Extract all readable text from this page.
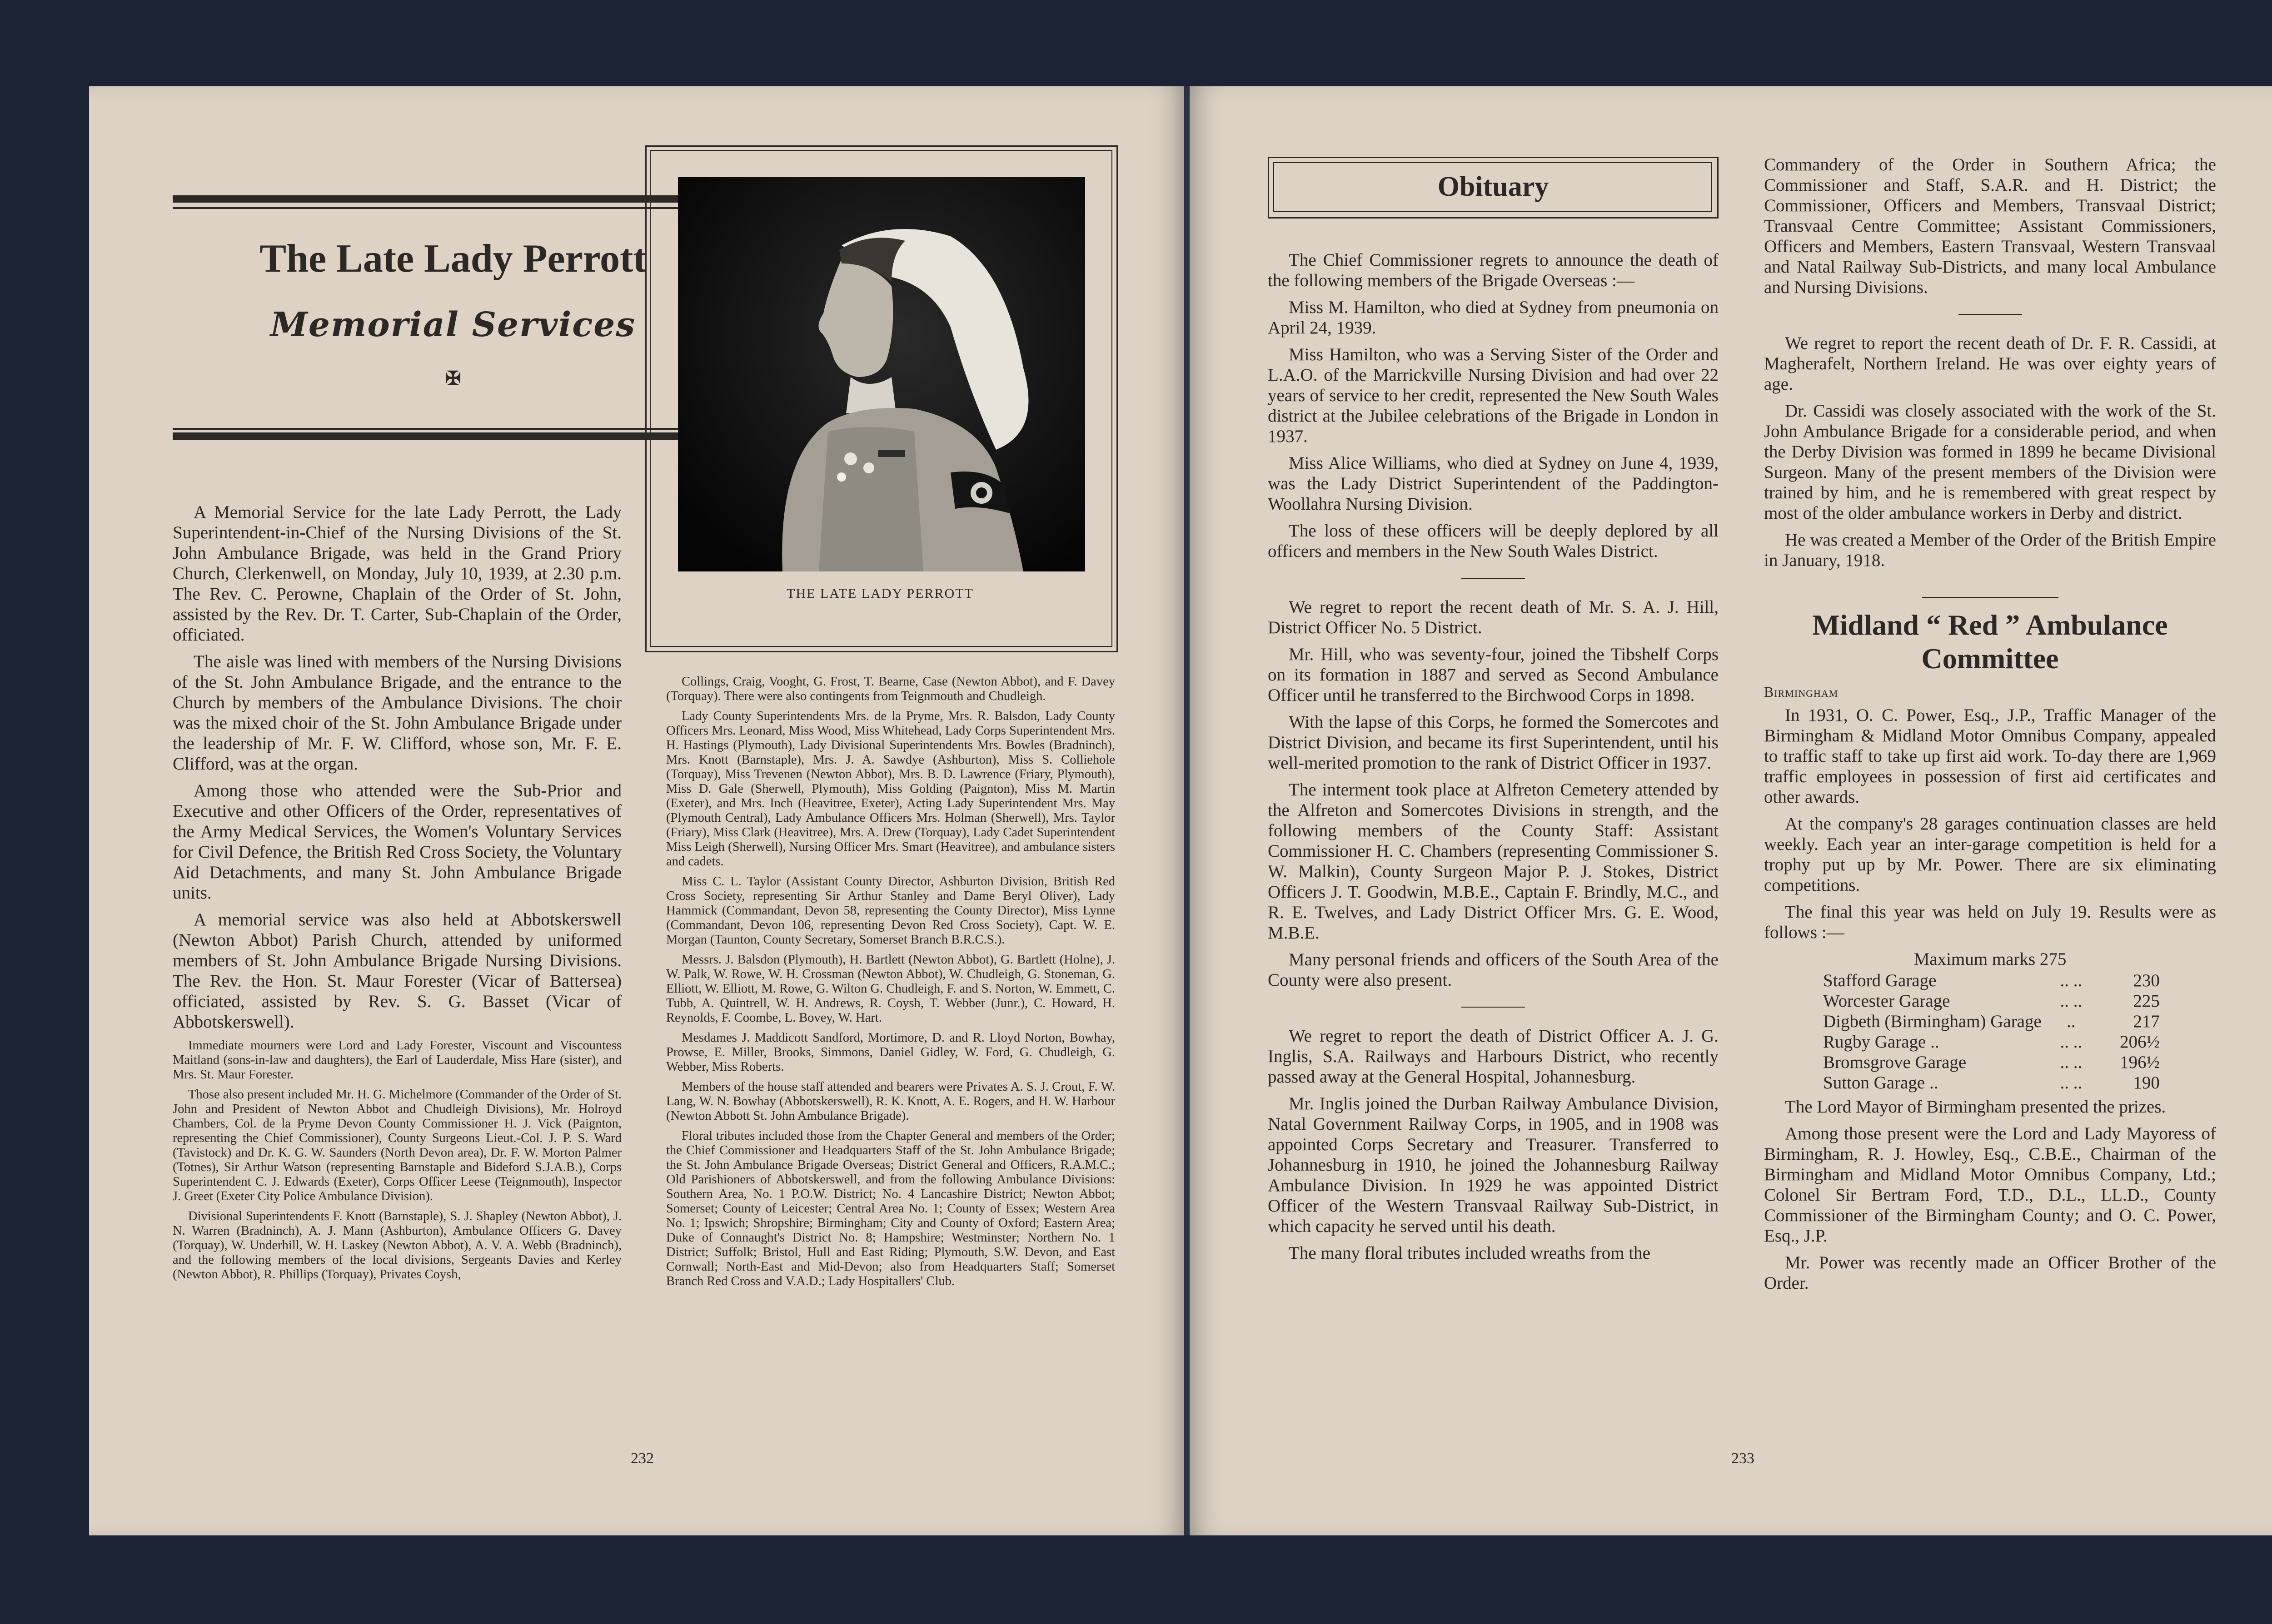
The Late Lady Perrott
Memorial Services
✠
THE LATE LADY PERROTT

A Memorial Service for the late Lady Perrott, the Lady Superintendent-in-Chief of the Nursing Divisions of the St. John Ambulance Brigade, was held in the Grand Priory Church, Clerkenwell, on Monday, July 10, 1939, at 2.30 p.m. The Rev. C. Perowne, Chaplain of the Order of St. John, assisted by the Rev. Dr. T. Carter, Sub-Chaplain of the Order, officiated.

The aisle was lined with members of the Nursing Divisions of the St. John Ambulance Brigade, and the entrance to the Church by members of the Ambulance Divisions. The choir was the mixed choir of the St. John Ambulance Brigade under the leadership of Mr. F. W. Clifford, whose son, Mr. F. E. Clifford, was at the organ.

Among those who attended were the Sub-Prior and Executive and other Officers of the Order, representatives of the Army Medical Services, the Women's Voluntary Services for Civil Defence, the British Red Cross Society, the Voluntary Aid Detachments, and many St. John Ambulance Brigade units.

A memorial service was also held at Abbotskerswell (Newton Abbot) Parish Church, attended by uniformed members of St. John Ambulance Brigade Nursing Divisions. The Rev. the Hon. St. Maur Forester (Vicar of Battersea) officiated, assisted by Rev. S. G. Basset (Vicar of Abbotskerswell).

Immediate mourners were Lord and Lady Forester, Viscount and Viscountess Maitland (sons-in-law and daughters), the Earl of Lauderdale, Miss Hare (sister), and Mrs. St. Maur Forester.

Those also present included Mr. H. G. Michelmore (Commander of the Order of St. John and President of Newton Abbot and Chudleigh Divisions), Mr. Holroyd Chambers, Col. de la Pryme Devon County Commissioner H. J. Vick (Paignton, representing the Chief Commissioner), County Surgeons Lieut.-Col. J. P. S. Ward (Tavistock) and Dr. K. G. W. Saunders (North Devon area), Dr. F. W. Morton Palmer (Totnes), Sir Arthur Watson (representing Barnstaple and Bideford S.J.A.B.), Corps Superintendent C. J. Edwards (Exeter), Corps Officer Leese (Teignmouth), Inspector J. Greet (Exeter City Police Ambulance Division).

Divisional Superintendents F. Knott (Barnstaple), S. J. Shapley (Newton Abbot), J. N. Warren (Bradninch), A. J. Mann (Ashburton), Ambulance Officers G. Davey (Torquay), W. Underhill, W. H. Laskey (Newton Abbot), A. V. A. Webb (Bradninch), and the following members of the local divisions, Sergeants Davies and Kerley (Newton Abbot), R. Phillips (Torquay), Privates Coysh,

Collings, Craig, Vooght, G. Frost, T. Bearne, Case (Newton Abbot), and F. Davey (Torquay). There were also contingents from Teignmouth and Chudleigh.

Lady County Superintendents Mrs. de la Pryme, Mrs. R. Balsdon, Lady County Officers Mrs. Leonard, Miss Wood, Miss Whitehead, Lady Corps Superintendent Mrs. H. Hastings (Plymouth), Lady Divisional Superintendents Mrs. Bowles (Bradninch), Mrs. Knott (Barnstaple), Mrs. J. A. Sawdye (Ashburton), Miss S. Colliehole (Torquay), Miss Trevenen (Newton Abbot), Mrs. B. D. Lawrence (Friary, Plymouth), Miss D. Gale (Sherwell, Plymouth), Miss Golding (Paignton), Miss M. Martin (Exeter), and Mrs. Inch (Heavitree, Exeter), Acting Lady Superintendent Mrs. May (Plymouth Central), Lady Ambulance Officers Mrs. Holman (Sherwell), Mrs. Taylor (Friary), Miss Clark (Heavitree), Mrs. A. Drew (Torquay), Lady Cadet Superintendent Miss Leigh (Sherwell), Nursing Officer Mrs. Smart (Heavitree), and ambulance sisters and cadets.

Miss C. L. Taylor (Assistant County Director, Ashburton Division, British Red Cross Society, representing Sir Arthur Stanley and Dame Beryl Oliver), Lady Hammick (Commandant, Devon 58, representing the County Director), Miss Lynne (Commandant, Devon 106, representing Devon Red Cross Society), Capt. W. E. Morgan (Taunton, County Secretary, Somerset Branch B.R.C.S.).

Messrs. J. Balsdon (Plymouth), H. Bartlett (Newton Abbot), G. Bartlett (Holne), J. W. Palk, W. Rowe, W. H. Crossman (Newton Abbot), W. Chudleigh, G. Stoneman, G. Elliott, W. Elliott, M. Rowe, G. Wilton G. Chudleigh, F. and S. Norton, W. Emmett, C. Tubb, A. Quintrell, W. H. Andrews, R. Coysh, T. Webber (Junr.), C. Howard, H. Reynolds, F. Coombe, L. Bovey, W. Hart.

Mesdames J. Maddicott Sandford, Mortimore, D. and R. Lloyd Norton, Bowhay, Prowse, E. Miller, Brooks, Simmons, Daniel Gidley, W. Ford, G. Chudleigh, G. Webber, Miss Roberts.

Members of the house staff attended and bearers were Privates A. S. J. Crout, F. W. Lang, W. N. Bowhay (Abbotskerswell), R. K. Knott, A. E. Rogers, and H. W. Harbour (Newton Abbott St. John Ambulance Brigade).

Floral tributes included those from the Chapter General and members of the Order; the Chief Commissioner and Headquarters Staff of the St. John Ambulance Brigade; the St. John Ambulance Brigade Overseas; District General and Officers, R.A.M.C.; Old Parishioners of Abbotskerswell, and from the following Ambulance Divisions: Southern Area, No. 1 P.O.W. District; No. 4 Lancashire District; Newton Abbot; Somerset; County of Leicester; Central Area No. 1; County of Essex; Western Area No. 1; Ipswich; Shropshire; Birmingham; City and County of Oxford; Eastern Area; Duke of Connaught's District No. 8; Hampshire; Westminster; Northern No. 1 District; Suffolk; Bristol, Hull and East Riding; Plymouth, S.W. Devon, and East Cornwall; North-East and Mid-Devon; also from Headquarters Staff; Somerset Branch Red Cross and V.A.D.; Lady Hospitallers' Club.

232
Obituary

The Chief Commissioner regrets to announce the death of the following members of the Brigade Overseas :—

Miss M. Hamilton, who died at Sydney from pneumonia on April 24, 1939.

Miss Hamilton, who was a Serving Sister of the Order and L.A.O. of the Marrickville Nursing Division and had over 22 years of service to her credit, represented the New South Wales district at the Jubilee celebrations of the Brigade in London in 1937.

Miss Alice Williams, who died at Sydney on June 4, 1939, was the Lady District Superintendent of the Paddington-Woollahra Nursing Division.

The loss of these officers will be deeply deplored by all officers and members in the New South Wales District.

We regret to report the recent death of Mr. S. A. J. Hill, District Officer No. 5 District.

Mr. Hill, who was seventy-four, joined the Tibshelf Corps on its formation in 1887 and served as Second Ambulance Officer until he transferred to the Birchwood Corps in 1898.

With the lapse of this Corps, he formed the Somercotes and District Division, and became its first Superintendent, until his well-merited promotion to the rank of District Officer in 1937.

The interment took place at Alfreton Cemetery attended by the Alfreton and Somercotes Divisions in strength, and the following members of the County Staff: Assistant Commissioner H. C. Chambers (representing Commissioner S. W. Malkin), County Surgeon Major P. J. Stokes, District Officers J. T. Goodwin, M.B.E., Captain F. Brindly, M.C., and R. E. Twelves, and Lady District Officer Mrs. G. E. Wood, M.B.E.

Many personal friends and officers of the South Area of the County were also present.

We regret to report the death of District Officer A. J. G. Inglis, S.A. Railways and Harbours District, who recently passed away at the General Hospital, Johannesburg.

Mr. Inglis joined the Durban Railway Ambulance Division, Natal Government Railway Corps, in 1905, and in 1908 was appointed Corps Secretary and Treasurer. Transferred to Johannesburg in 1910, he joined the Johannesburg Railway Ambulance Division. In 1929 he was appointed District Officer of the Western Transvaal Railway Sub-District, in which capacity he served until his death.

The many floral tributes included wreaths from the

Commandery of the Order in Southern Africa; the Commissioner and Staff, S.A.R. and H. District; the Commissioner, Officers and Members, Transvaal District; Transvaal Centre Committee; Assistant Commissioners, Officers and Members, Eastern Transvaal, Western Transvaal and Natal Railway Sub-Districts, and many local Ambulance and Nursing Divisions.

We regret to report the recent death of Dr. F. R. Cassidi, at Magherafelt, Northern Ireland. He was over eighty years of age.

Dr. Cassidi was closely associated with the work of the St. John Ambulance Brigade for a considerable period, and when the Derby Division was formed in 1899 he became Divisional Surgeon. Many of the present members of the Division were trained by him, and he is remembered with great respect by most of the older ambulance workers in Derby and district.

He was created a Member of the Order of the British Empire in January, 1918.

Midland “ Red ” Ambulance
Committee
Birmingham

In 1931, O. C. Power, Esq., J.P., Traffic Manager of the Birmingham & Midland Motor Omnibus Company, appealed to traffic staff to take up first aid work. To-day there are 1,969 traffic employees in possession of first aid certificates and other awards.

At the company's 28 garages continuation classes are held weekly. Each year an inter-garage competition is held for a trophy put up by Mr. Power. There are six eliminating competitions.

The final this year was held on July 19. Results were as follows :—

Maximum marks 275
Stafford Garage	.. ..	230
Worcester Garage	.. ..	225
Digbeth (Birmingham) Garage	..	217
Rugby Garage ..	.. ..	206½
Bromsgrove Garage	.. ..	196½
Sutton Garage ..	.. ..	190

The Lord Mayor of Birmingham presented the prizes.

Among those present were the Lord and Lady Mayoress of Birmingham, R. J. Howley, Esq., C.B.E., Chairman of the Birmingham and Midland Motor Omnibus Company, Ltd.; Colonel Sir Bertram Ford, T.D., D.L., LL.D., County Commissioner of the Birmingham County; and O. C. Power, Esq., J.P.

Mr. Power was recently made an Officer Brother of the Order.

233
